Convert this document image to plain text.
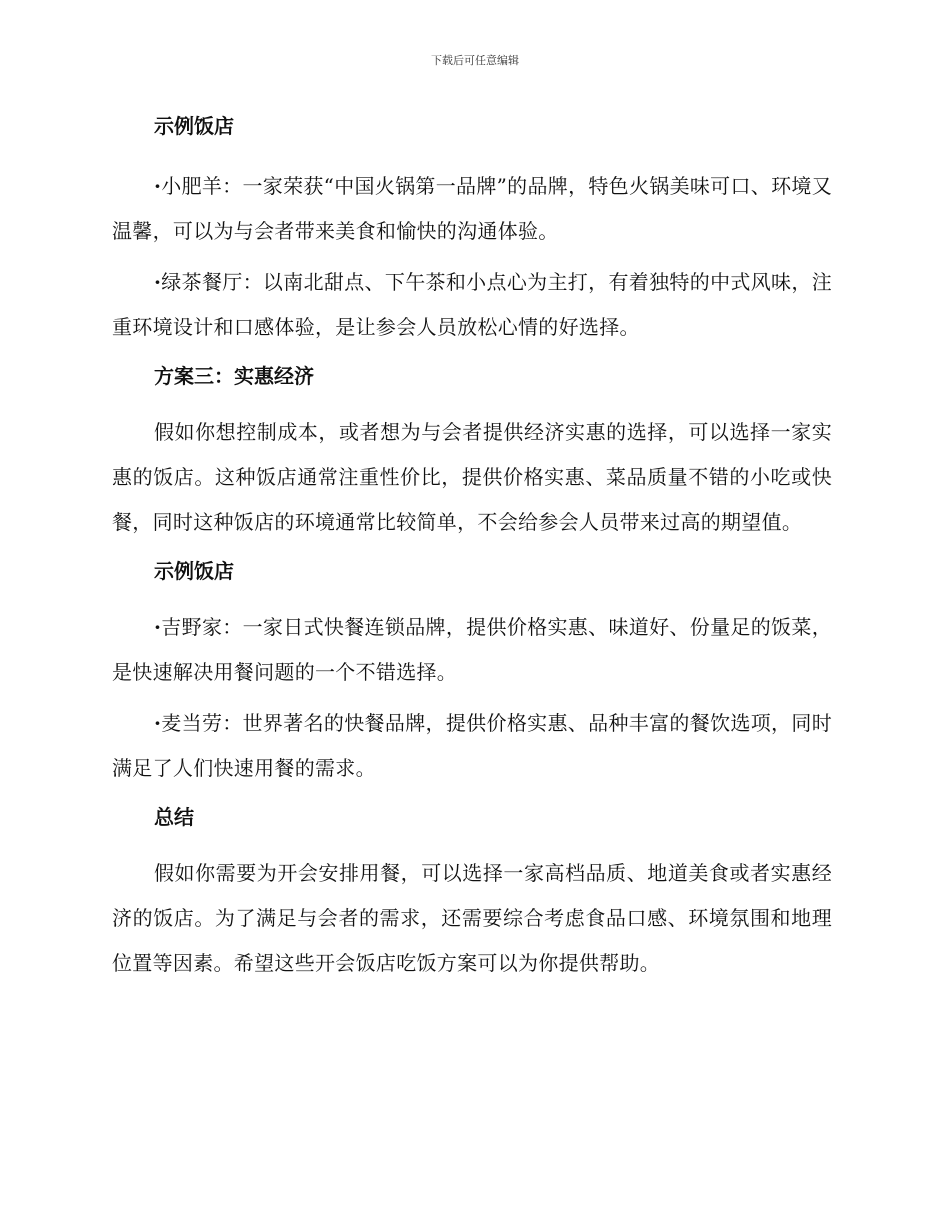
下载后可任意编辑
示例饭店

·小肥羊：一家荣获“中国火锅第一品牌”的品牌，特色火锅美味可口、环境又温馨，可以为与会者带来美食和愉快的沟通体验。

·绿茶餐厅：以南北甜点、下午茶和小点心为主打，有着独特的中式风味，注重环境设计和口感体验，是让参会人员放松心情的好选择。

方案三：实惠经济

假如你想控制成本，或者想为与会者提供经济实惠的选择，可以选择一家实惠的饭店。这种饭店通常注重性价比，提供价格实惠、菜品质量不错的小吃或快餐，同时这种饭店的环境通常比较简单，不会给参会人员带来过高的期望值。

示例饭店

·吉野家：一家日式快餐连锁品牌，提供价格实惠、味道好、份量足的饭菜，是快速解决用餐问题的一个不错选择。

·麦当劳：世界著名的快餐品牌，提供价格实惠、品种丰富的餐饮选项，同时满足了人们快速用餐的需求。

总结

假如你需要为开会安排用餐，可以选择一家高档品质、地道美食或者实惠经济的饭店。为了满足与会者的需求，还需要综合考虑食品口感、环境氛围和地理位置等因素。希望这些开会饭店吃饭方案可以为你提供帮助。
